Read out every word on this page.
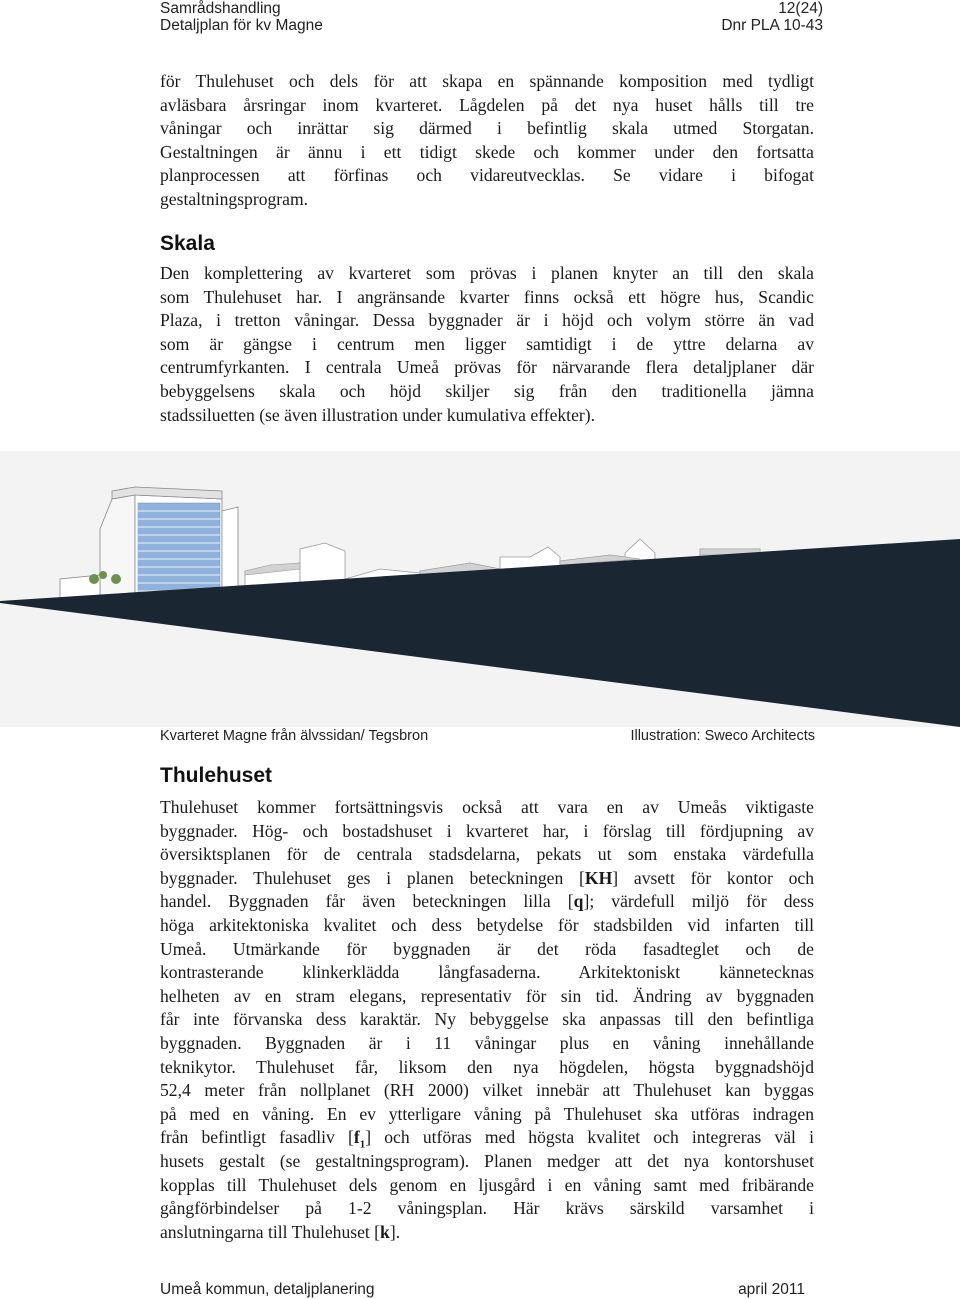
Samrådshandling	12(24)
Detaljplan för kv Magne	Dnr PLA 10-43
för Thulehuset och dels för att skapa en spännande komposition med tydligt
avläsbara årsringar inom kvarteret. Lågdelen på det nya huset hålls till tre
våningar och inrättar sig därmed i befintlig skala utmed Storgatan.
Gestaltningen är ännu i ett tidigt skede och kommer under den fortsatta
planprocessen att förfinas och vidareutvecklas. Se vidare i bifogat
gestaltningsprogram.
Skala
Den komplettering av kvarteret som prövas i planen knyter an till den skala
som Thulehuset har. I angränsande kvarter finns också ett högre hus, Scandic
Plaza, i tretton våningar. Dessa byggnader är i höjd och volym större än vad
som är gängse i centrum men ligger samtidigt i de yttre delarna av
centrumfyrkanten. I centrala Umeå prövas för närvarande flera detaljplaner där
bebyggelsens skala och höjd skiljer sig från den traditionella jämna
stadssiluetten (se även illustration under kumulativa effekter).
Kvarteret Magne från älvssidan/ Tegsbron	Illustration: Sweco Architects
Thulehuset
Thulehuset kommer fortsättningsvis också att vara en av Umeås viktigaste
byggnader. Hög- och bostadshuset i kvarteret har, i förslag till fördjupning av
översiktsplanen för de centrala stadsdelarna, pekats ut som enstaka värdefulla
byggnader. Thulehuset ges i planen beteckningen [KH] avsett för kontor och
handel. Byggnaden får även beteckningen lilla [q]; värdefull miljö för dess
höga arkitektoniska kvalitet och dess betydelse för stadsbilden vid infarten till
Umeå. Utmärkande för byggnaden är det röda fasadteglet och de
kontrasterande klinkerklädda långfasaderna. Arkitektoniskt kännetecknas
helheten av en stram elegans, representativ för sin tid. Ändring av byggnaden
får inte förvanska dess karaktär. Ny bebyggelse ska anpassas till den befintliga
byggnaden. Byggnaden är i 11 våningar plus en våning innehållande
teknikytor. Thulehuset får, liksom den nya högdelen, högsta byggnadshöjd
52,4 meter från nollplanet (RH 2000) vilket innebär att Thulehuset kan byggas
på med en våning. En ev ytterligare våning på Thulehuset ska utföras indragen
från befintligt fasadliv $[f_1]$ och utföras med högsta kvalitet och integreras väl i
husets gestalt (se gestaltningsprogram). Planen medger att det nya kontorshuset
kopplas till Thulehuset dels genom en ljusgård i en våning samt med fribärande
gångförbindelser på 1-2 våningsplan. Här krävs särskild varsamhet i
anslutningarna till Thulehuset [k].
Umeå kommun, detaljplanering	april 2011
